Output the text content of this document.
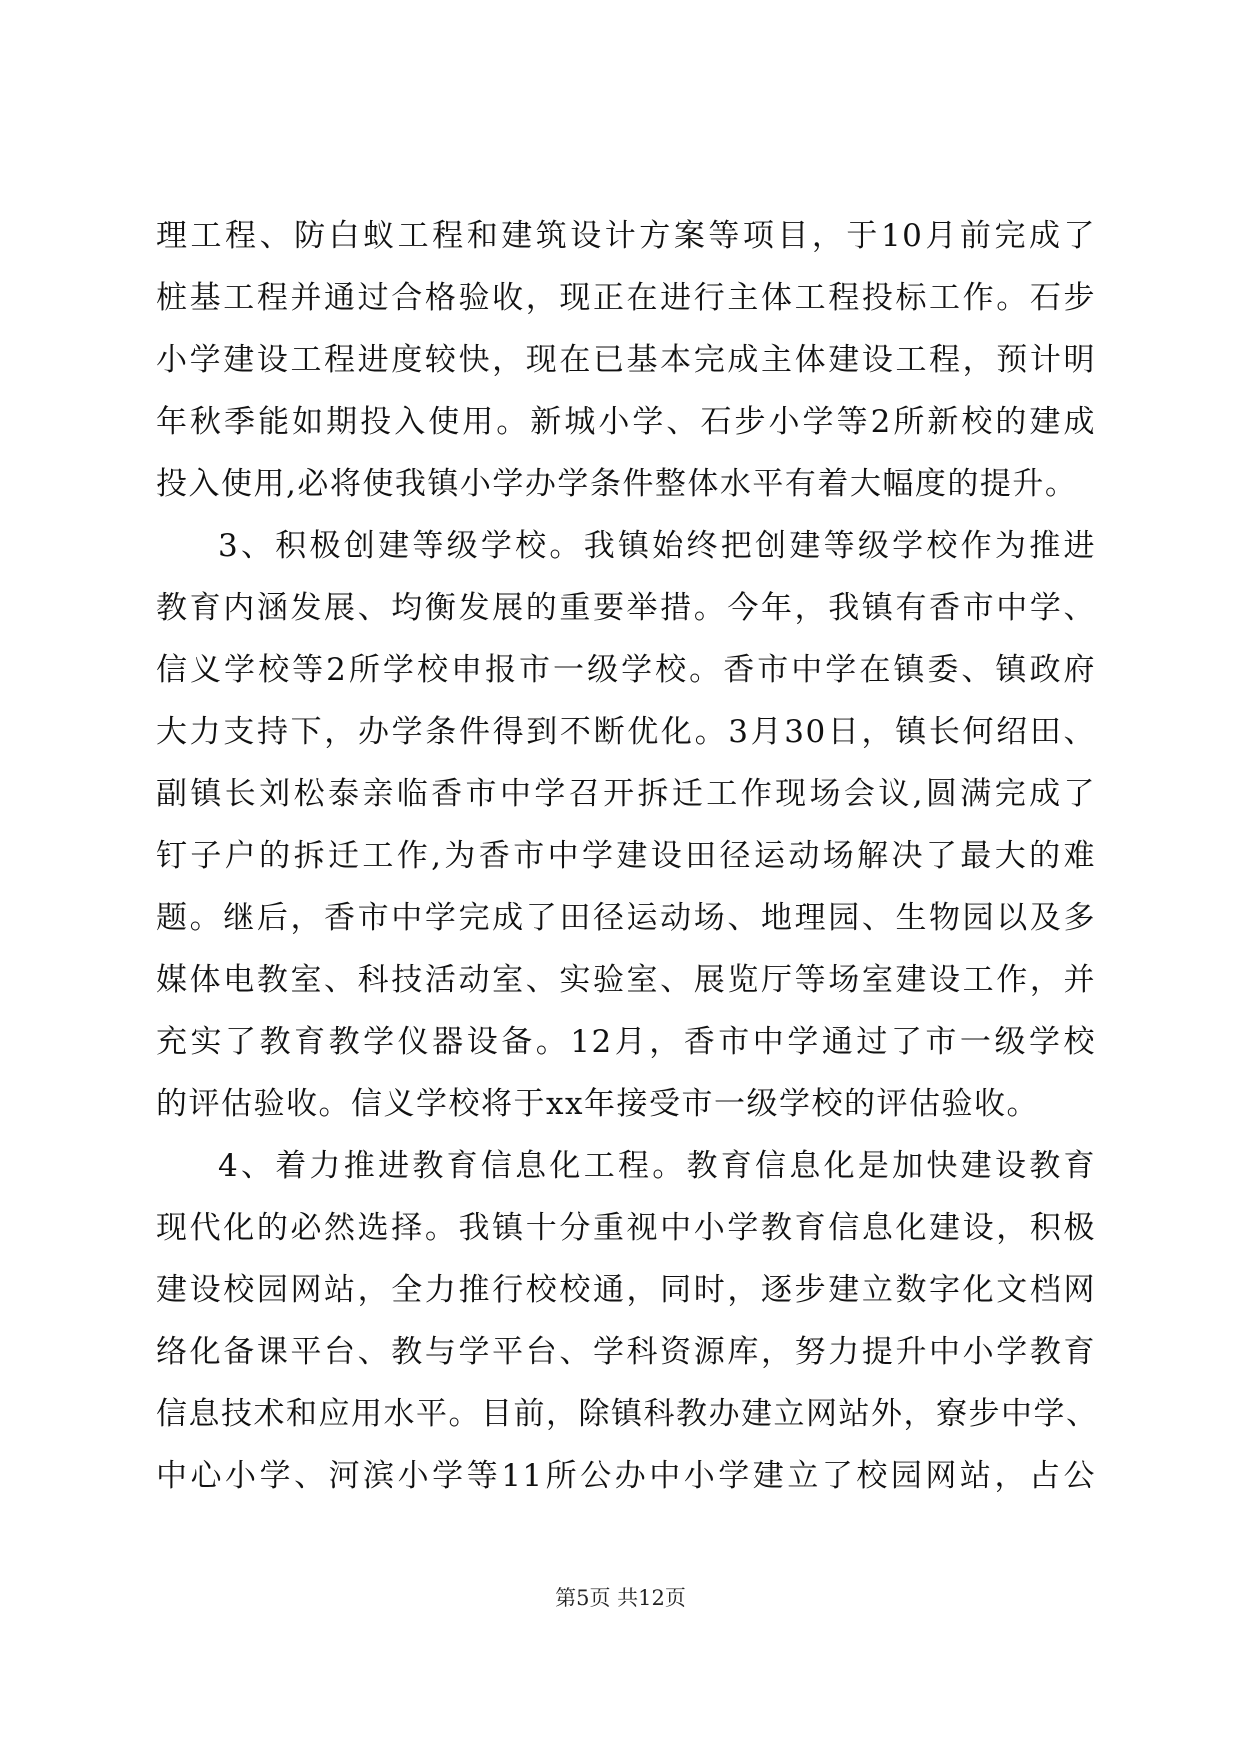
理工程、防白蚁工程和建筑设计方案等项目，于10月前完成了
桩基工程并通过合格验收，现正在进行主体工程投标工作。石步
小学建设工程进度较快，现在已基本完成主体建设工程，预计明
年秋季能如期投入使用。新城小学、石步小学等2所新校的建成
投入使用,必将使我镇小学办学条件整体水平有着大幅度的提升。
3、积极创建等级学校。我镇始终把创建等级学校作为推进
教育内涵发展、均衡发展的重要举措。今年，我镇有香市中学、
信义学校等2所学校申报市一级学校。香市中学在镇委、镇政府
大力支持下，办学条件得到不断优化。3月30日，镇长何绍田、
副镇长刘松泰亲临香市中学召开拆迁工作现场会议,圆满完成了
钉子户的拆迁工作,为香市中学建设田径运动场解决了最大的难
题。继后，香市中学完成了田径运动场、地理园、生物园以及多
媒体电教室、科技活动室、实验室、展览厅等场室建设工作，并
充实了教育教学仪器设备。12月，香市中学通过了市一级学校
的评估验收。信义学校将于xx年接受市一级学校的评估验收。
4、着力推进教育信息化工程。教育信息化是加快建设教育
现代化的必然选择。我镇十分重视中小学教育信息化建设，积极
建设校园网站，全力推行校校通，同时，逐步建立数字化文档网
络化备课平台、教与学平台、学科资源库，努力提升中小学教育
信息技术和应用水平。目前，除镇科教办建立网站外，寮步中学、
中心小学、河滨小学等11所公办中小学建立了校园网站，占公
第5页 共12页
